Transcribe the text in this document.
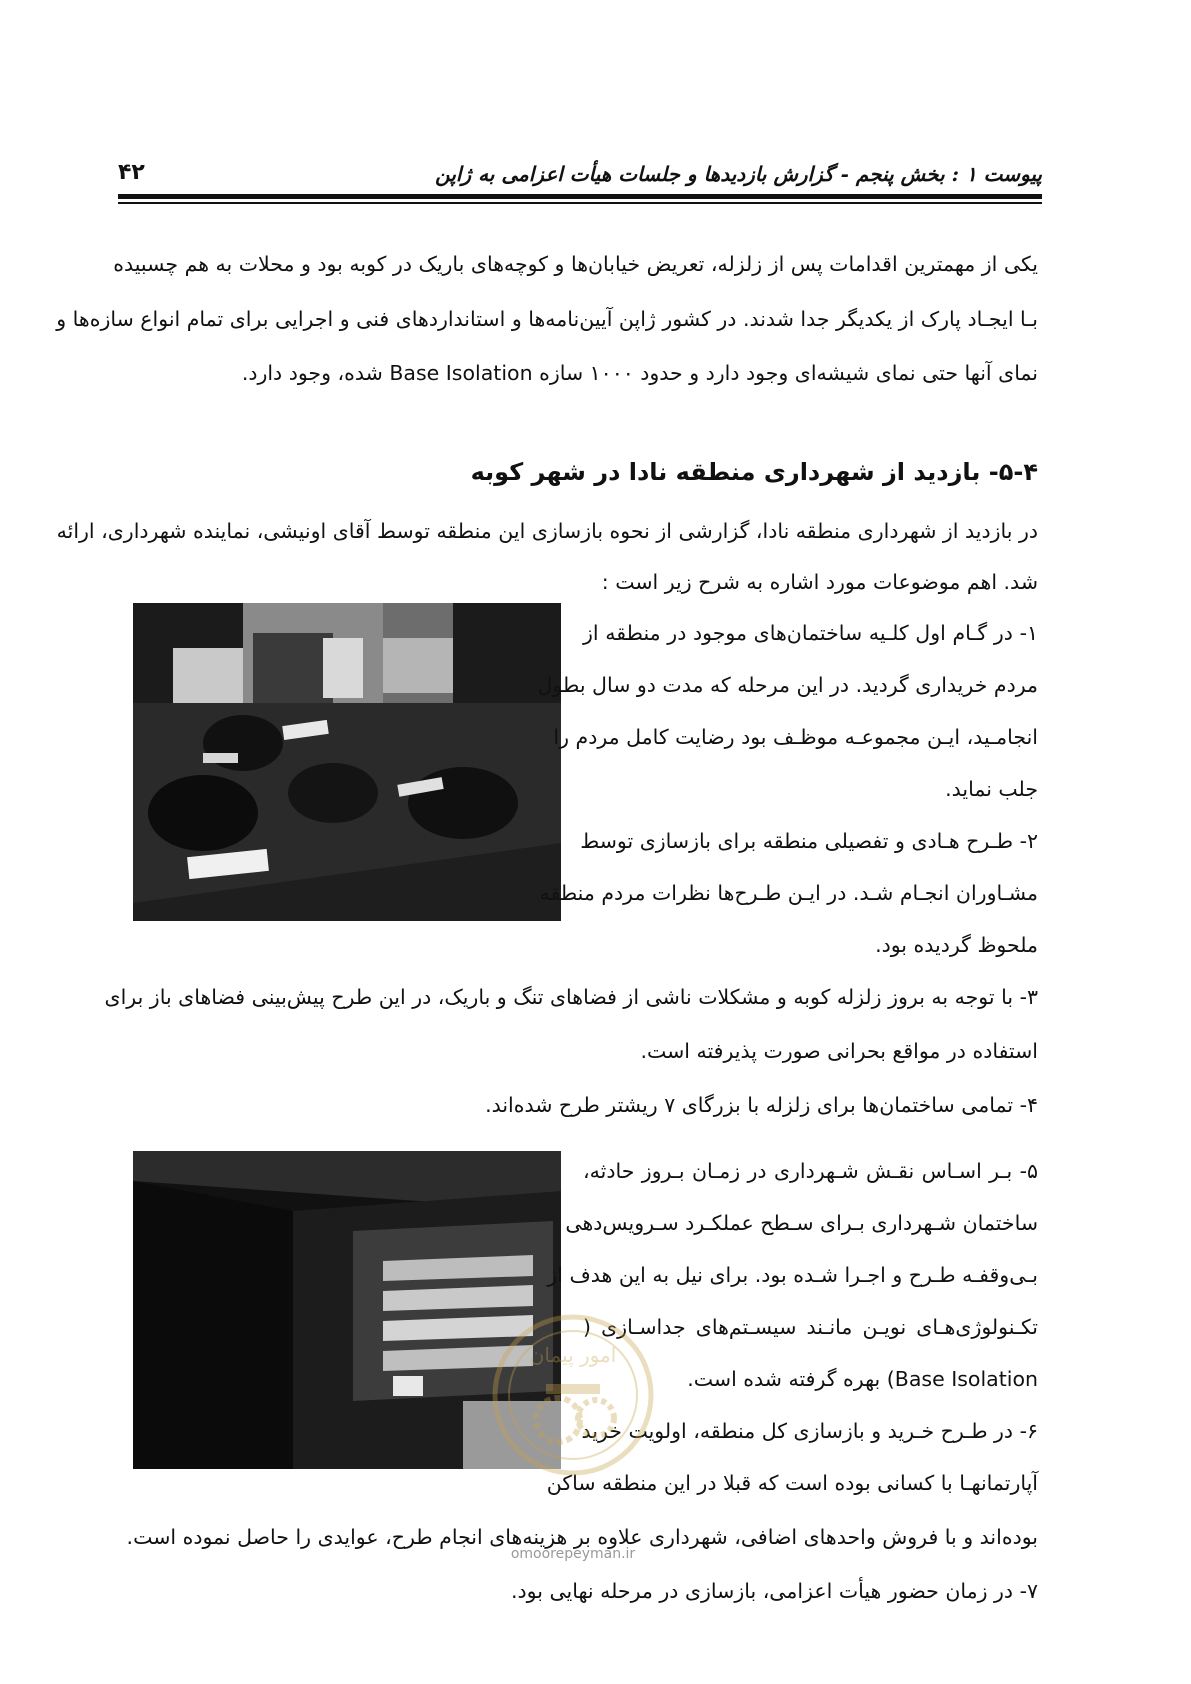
پیوست ۱ : بخش پنجم - گزارش بازدیدها و جلسات هیأت اعزامی به ژاپن
۴۲
یکی از مهمترین اقدامات پس از زلزله، تعریض خیابان‌ها و کوچه‌های باریک در کوبه بود و محلات به هم چسبیده
بـا ایجـاد پارک از یکدیگر جدا شدند. در کشور ژاپن آیین‌نامه‌ها و استانداردهای فنی و اجرایی برای تمام انواع سازه‌ها و
نمای آنها حتی نمای شیشه‌ای وجود دارد و حدود ۱۰۰۰ سازه Base Isolation شده، وجود دارد.
۵-۴- بازدید از شهرداری منطقه نادا در شهر کوبه
در بازدید از شهرداری منطقه نادا، گزارشی از نحوه بازسازی این منطقه توسط آقای اونیشی، نماینده شهرداری، ارائه
شد. اهم موضوعات مورد اشاره به شرح زیر است :
۱- در گـام اول کلـیه ساختمان‌های موجود در منطقه از
مردم خریداری گردید. در این مرحله که مدت دو سال بطول
انجامـید، ایـن مجموعـه موظـف بود رضایت کامل مردم را
جلب نماید.
۲- طـرح هـادی و تفصیلی منطقه برای بازسازی توسط
مشـاوران انجـام شـد. در ایـن طـرح‌ها نظرات مردم منطقه
ملحوظ گردیده بود.
۳- با توجه به بروز زلزله کوبه و مشکلات ناشی از فضاهای تنگ و باریک، در این طرح پیش‌بینی فضاهای باز برای
استفاده در مواقع بحرانی صورت پذیرفته است.
۴- تمامی ساختمان‌ها برای زلزله با بزرگای ۷ ریشتر طرح شده‌اند.
۵- بـر اسـاس نقـش شـهرداری در زمـان بـروز حادثه،
ساختمان شـهرداری بـرای سـطح عملکـرد سـرویس‌دهی
بـی‌وقفـه طـرح و اجـرا شـده بود. برای نیل به این هدف از
تکـنولوژی‌هـای نویـن مانـند سیسـتم‌های جداسـازی (
Base Isolation) بهره گرفته شده است.
۶- در طـرح خـرید و بازسازی کل منطقه، اولویت خرید
آپارتمانهـا با کسانی بوده است که قبلا در این منطقه ساکن
بوده‌اند و با فروش واحدهای اضافی، شهرداری علاوه بر هزینه‌های انجام طرح، عوایدی را حاصل نموده است.
۷- در زمان حضور هیأت اعزامی، بازسازی در مرحله نهایی بود.
امور پیمان
omoorepeyman.ir
